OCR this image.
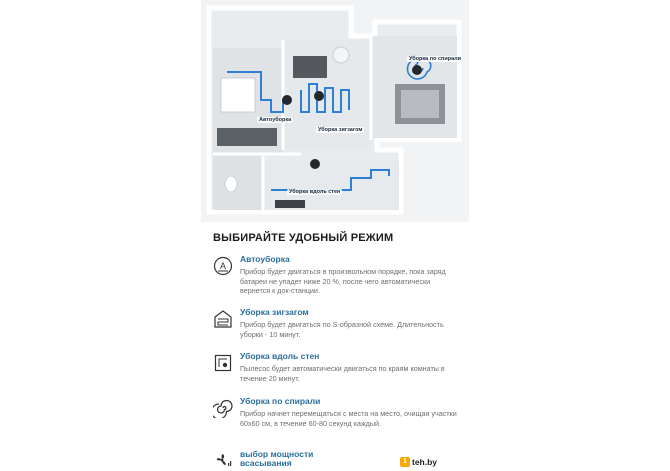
Уборка по спирали
Автоуборка
Уборка зигзагом
Уборка вдоль стен
ВЫБИРАЙТЕ УДОБНЫЙ РЕЖИМ
A
Автоуборка
Прибор будет двигаться в произвольном порядке, пока заряд батареи не упадет ниже 20 %, после чего автоматически вернется к док-станции.
Уборка зигзагом
Прибор будет двигаться по S-образной схеме. Длительность уборки - 10 минут.
Уборка вдоль стен
Пылесос будет автоматически двигаться по краям комнаты в течение 20 минут.
Уборка по спирали
Прибор начнет перемещаться с места на место, очищая участки 60х60 см, в течение 60-80 секунд каждый.
выбор мощности всасывания	1 teh.by
